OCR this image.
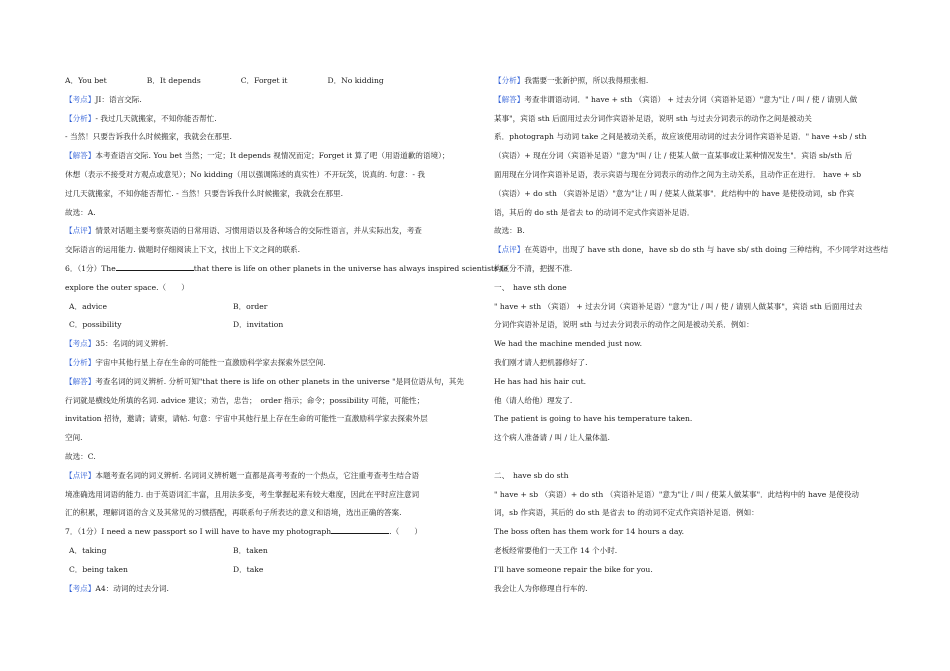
A．You bet	B．It depends	C．Forget it	D．No kidding
【考点】JI：语言交际.
【分析】- 我过几天就搬家，不知你能否帮忙.
- 当然！只要告诉我什么时候搬家，我就会在那里.
【解答】本考查语言交际. You bet 当然；一定；It depends 视情况而定；Forget it 算了吧（用语道歉的语境）；
休想（表示不接受对方观点或意见）；No kidding（用以强调陈述的真实性）不开玩笑，说真的. 句意：- 我
过几天就搬家，不知你能否帮忙. - 当然！只要告诉我什么时候搬家，我就会在那里.
故选：A.
【点评】情景对话题主要考察英语的日常用语、习惯用语以及各种场合的交际性语言，并从实际出发，考查
交际语言的运用能力. 做题时仔细阅读上下文，找出上下文之间的联系.
6．（1分）The	that there is life on other planets in the universe has always inspired scientists to
explore the outer space.（　　）
A．advice	B．order
C．possibility	D．invitation
【考点】35：名词的词义辨析.
【分析】宇宙中其他行星上存在生命的可能性一直激励科学家去探索外层空间.
【解答】考查名词的词义辨析. 分析可知"that there is life on other planets in the universe "是同位语从句，其先
行词就是横线处所填的名词. advice 建议；劝告，忠告；　order 指示；命令；possibility 可能，可能性；
invitation 招待，邀请；请柬，请帖. 句意：宇宙中其他行星上存在生命的可能性一直激励科学家去探索外层
空间.
故选：C.
【点评】本题考查名词的词义辨析. 名词词义辨析题一直都是高考考查的一个热点，它注重考查考生结合语
境准确选用词语的能力. 由于英语词汇丰富，且用法多变，考生掌握起来有较大难度，因此在平时应注意词
汇的积累，理解词语的含义及其常见的习惯搭配，再联系句子所表达的意义和语境，选出正确的答案.
7．（1分）I need a new passport so I will have to have my photograph	.（　　）
A．taking	B．taken
C．being taken	D．take
【考点】A4：动词的过去分词.
【分析】我需要一张新护照，所以我得照张相.
【解答】考查非谓语动词．" have + sth （宾语） + 过去分词（宾语补足语）"意为"让 / 叫 / 使 / 请别人做
某事"，宾语 sth 后面用过去分词作宾语补足语，说明 sth 与过去分词表示的动作之间是被动关
系．photograph 与动词 take 之间是被动关系，故应该使用动词的过去分词作宾语补足语．" have +sb / sth
（宾语）+ 现在分词（宾语补足语）"意为"叫 / 让 / 使某人做一直某事或让某种情况发生"．宾语 sb/sth 后
面用现在分词作宾语补足语，表示宾语与现在分词表示的动作之间为主动关系，且动作正在进行． have + sb
（宾语）+ do sth （宾语补足语）"意为"让 / 叫 / 使某人做某事"．此结构中的 have 是使役动词，sb 作宾
语，其后的 do sth 是省去 to 的动词不定式作宾语补足语．
故选：B.
【点评】在英语中，出现了 have sth done，have sb do sth 与 have sb/ sth doing 三种结构，不少同学对这些结
构区分不清，把握不准.
一、　have sth done
" have + sth （宾语） + 过去分词（宾语补足语）"意为"让 / 叫 / 使 / 请别人做某事"，宾语 sth 后面用过去
分词作宾语补足语，说明 sth 与过去分词表示的动作之间是被动关系．例如：
We had the machine mended just now.
我们刚才请人把机器修好了.
He has had his hair cut.
他（请人给他）理发了.
The patient is going to have his temperature taken.
这个病人准备请 / 叫 / 让人量体温.
二、　have sb do sth
" have + sb （宾语）+ do sth （宾语补足语）"意为"让 / 叫 / 使某人做某事"．此结构中的 have 是使役动
词，sb 作宾语，其后的 do sth 是省去 to 的动词不定式作宾语补足语．例如：
The boss often has them work for 14 hours a day.
老板经常要他们一天工作 14 个小时.
I'll have someone repair the bike for you.
我会让人为你修理自行车的.
